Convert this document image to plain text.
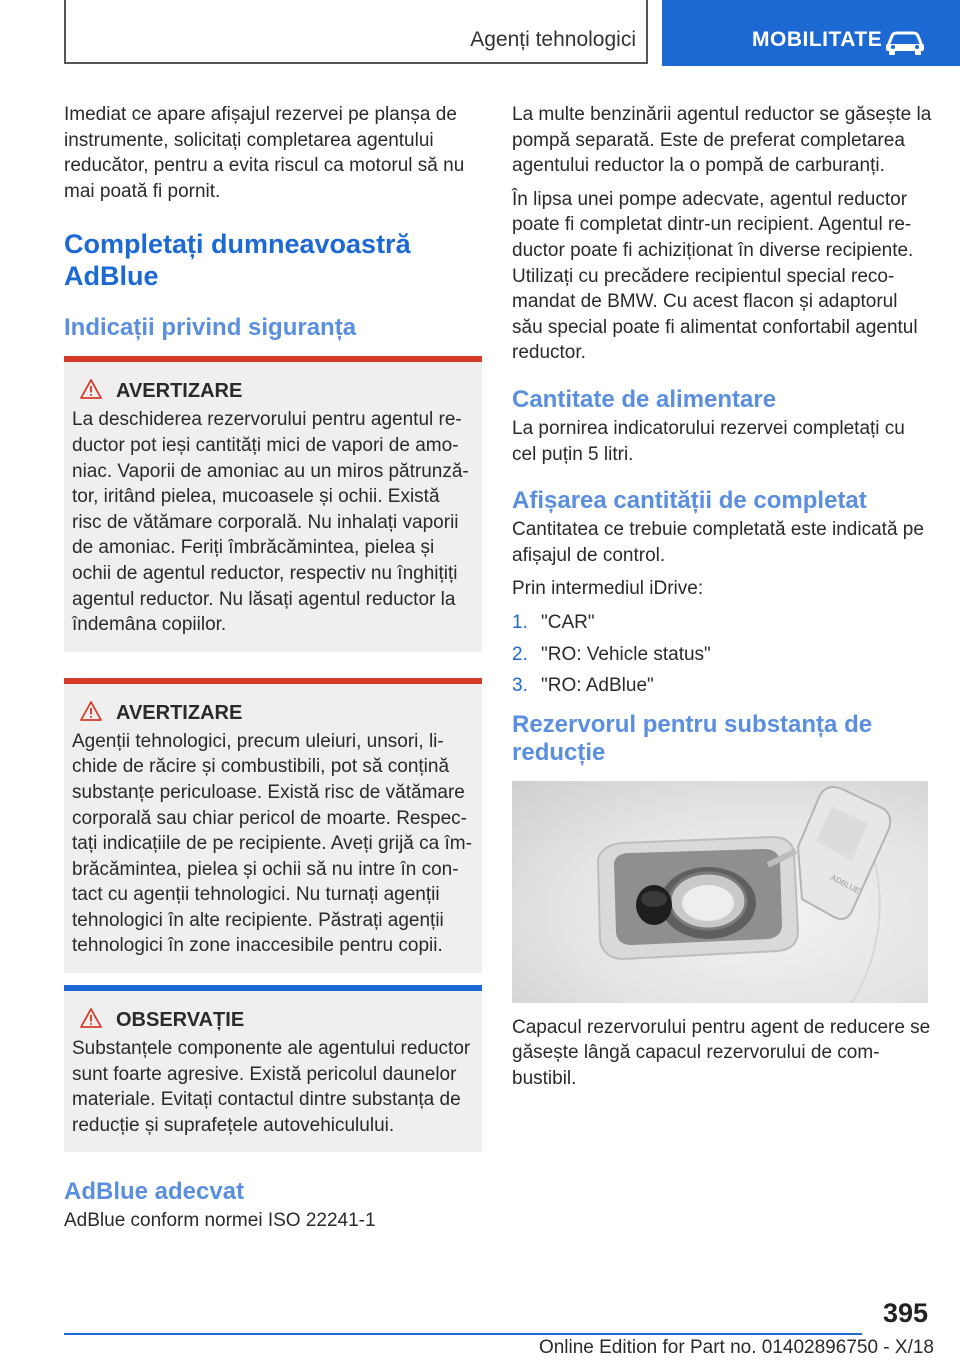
Agenți tehnologici	MOBILITATE

Imediat ce apare afișajul rezervei pe planșa de instrumente, solicitați completarea agentului reducător, pentru a evita riscul ca motorul să nu mai poată fi pornit.

Completați dumneavoastră AdBlue
Indicații privind siguranța
AVERTIZARE

La deschiderea rezervorului pentru agentul reductor pot ieși cantități mici de vapori de amoniac. Vaporii de amoniac au un miros pătrunzător, iritând pielea, mucoasele și ochii. Există risc de vătămare corporală. Nu inhalați vaporii de amoniac. Feriți îmbrăcămintea, pielea și ochii de agentul reductor, respectiv nu înghițiți agentul reductor. Nu lăsați agentul reductor la îndemâna copiilor.

AVERTIZARE

Agenții tehnologici, precum uleiuri, unsori, lichide de răcire și combustibili, pot să conțină substanțe periculoase. Există risc de vătămare corporală sau chiar pericol de moarte. Respectați indicațiile de pe recipiente. Aveți grijă ca îmbrăcămintea, pielea și ochii să nu intre în contact cu agenții tehnologici. Nu turnați agenții tehnologici în alte recipiente. Păstrați agenții tehnologici în zone inaccesibile pentru copii.

OBSERVAȚIE

Substanțele componente ale agentului reductor sunt foarte agresive. Există pericolul daunelor materiale. Evitați contactul dintre substanța de reducție și suprafețele autovehiculului.

AdBlue adecvat

AdBlue conform normei ISO 22241-1

La multe benzinării agentul reductor se găsește la pompă separată. Este de preferat completarea agentului reductor la o pompă de carburanți.

În lipsa unei pompe adecvate, agentul reductor poate fi completat dintr-un recipient. Agentul reductor poate fi achiziționat în diverse recipiente. Utilizați cu precădere recipientul special recomandat de BMW. Cu acest flacon și adaptorul său special poate fi alimentat confortabil agentul reductor.

Cantitate de alimentare

La pornirea indicatorului rezervei completați cu cel puțin 5 litri.

Afișarea cantității de completat

Cantitatea ce trebuie completată este indicată pe afișajul de control.

Prin intermediul iDrive:

1. "CAR"
2. "RO: Vehicle status"
3. "RO: AdBlue"
Rezervorul pentru substanța de reducție
ADBLUE

Capacul rezervorului pentru agent de reducere se găsește lângă capacul rezervorului de combustibil.

395
Online Edition for Part no. 01402896750 - X/18
